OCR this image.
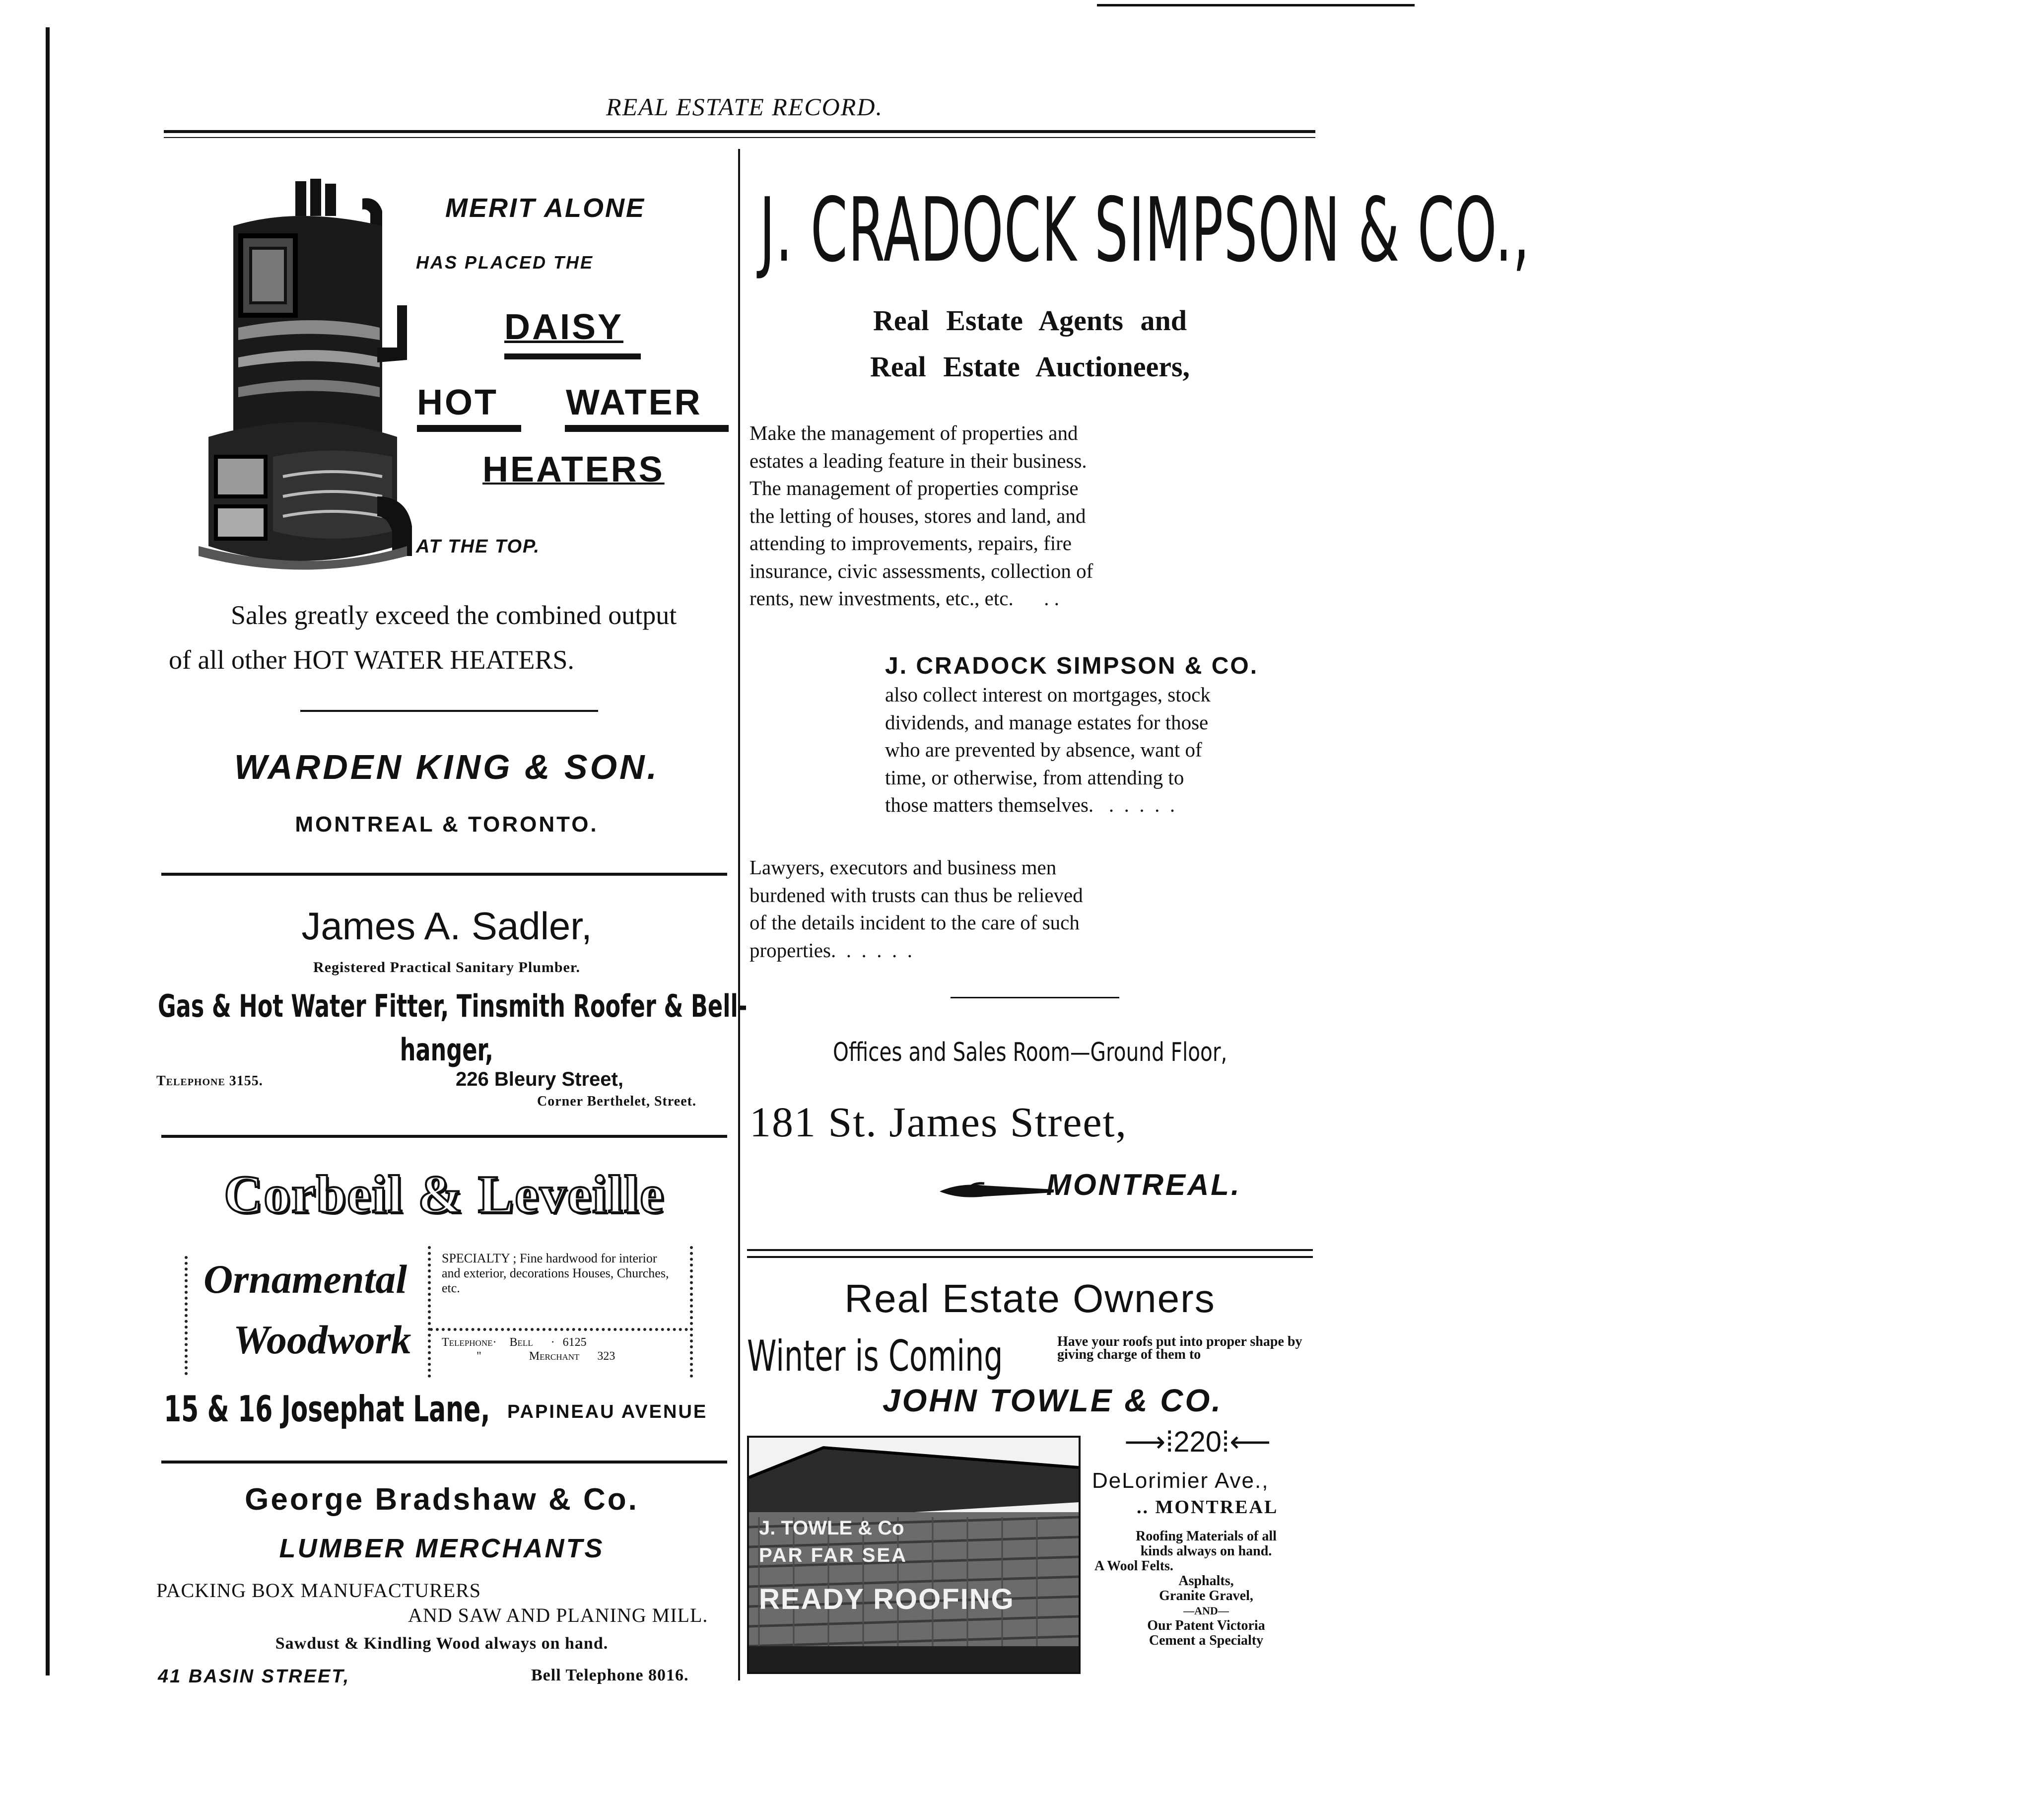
REAL ESTATE RECORD.
MERIT ALONE
HAS PLACED THE
DAISY
HOT WATER
HEATERS
AT THE TOP.
Sales greatly exceed the combined output
of all other HOT WATER HEATERS.
WARDEN KING & SON.
MONTREAL & TORONTO.
James A. Sadler,
Registered Practical Sanitary Plumber.
Gas & Hot Water Fitter, Tinsmith Roofer & Bell-
hanger,
Telephone 3155.	226 Bleury Street,
Corner Berthelet, Street.
Corbeil & Leveille
Ornamental
Woodwork
SPECIALTY ; Fine hardwood for interior and exterior, decorations Houses, Churches, etc.
Telephone· Bell · 6125
"	Merchant 323
15 & 16 Josephat Lane, PAPINEAU AVENUE
George Bradshaw & Co.
LUMBER MERCHANTS
PACKING BOX MANUFACTURERS
AND SAW AND PLANING MILL.
Sawdust & Kindling Wood always on hand.
41 BASIN STREET,	Bell Telephone 8016.
J. CRADOCK SIMPSON & CO.,
Real Estate Agents and
Real Estate Auctioneers,
Make the management of properties and
estates a leading feature in their business.
The management of properties comprise
the letting of houses, stores and land, and
attending to improvements, repairs, fire
insurance, civic assessments, collection of
rents, new investments, etc., etc.      . .
J. CRADOCK SIMPSON & CO.
also collect interest on mortgages, stock
dividends, and manage estates for those
who are prevented by absence, want of
time, or otherwise, from attending to
those matters themselves.   .  .  .  .  .
Lawyers, executors and business men
burdened with trusts can thus be relieved
of the details incident to the care of such
properties.  .  .  .  .  .
Offices and Sales Room—Ground Floor,
181 St. James Street,
MONTREAL.
Real Estate Owners
Winter is Coming	Have your roofs put into proper shape by giving charge of them to
JOHN TOWLE & CO.
⟶⁞220⁞⟵
DeLorimier Ave.,
.. MONTREAL
Roofing Materials of all
kinds always on hand.
A Wool Felts.
Asphalts,
Granite Gravel,
—AND—
Our Patent Victoria
Cement a Specialty
J. TOWLE & Co
PAR FAR SEA
READY ROOFING
